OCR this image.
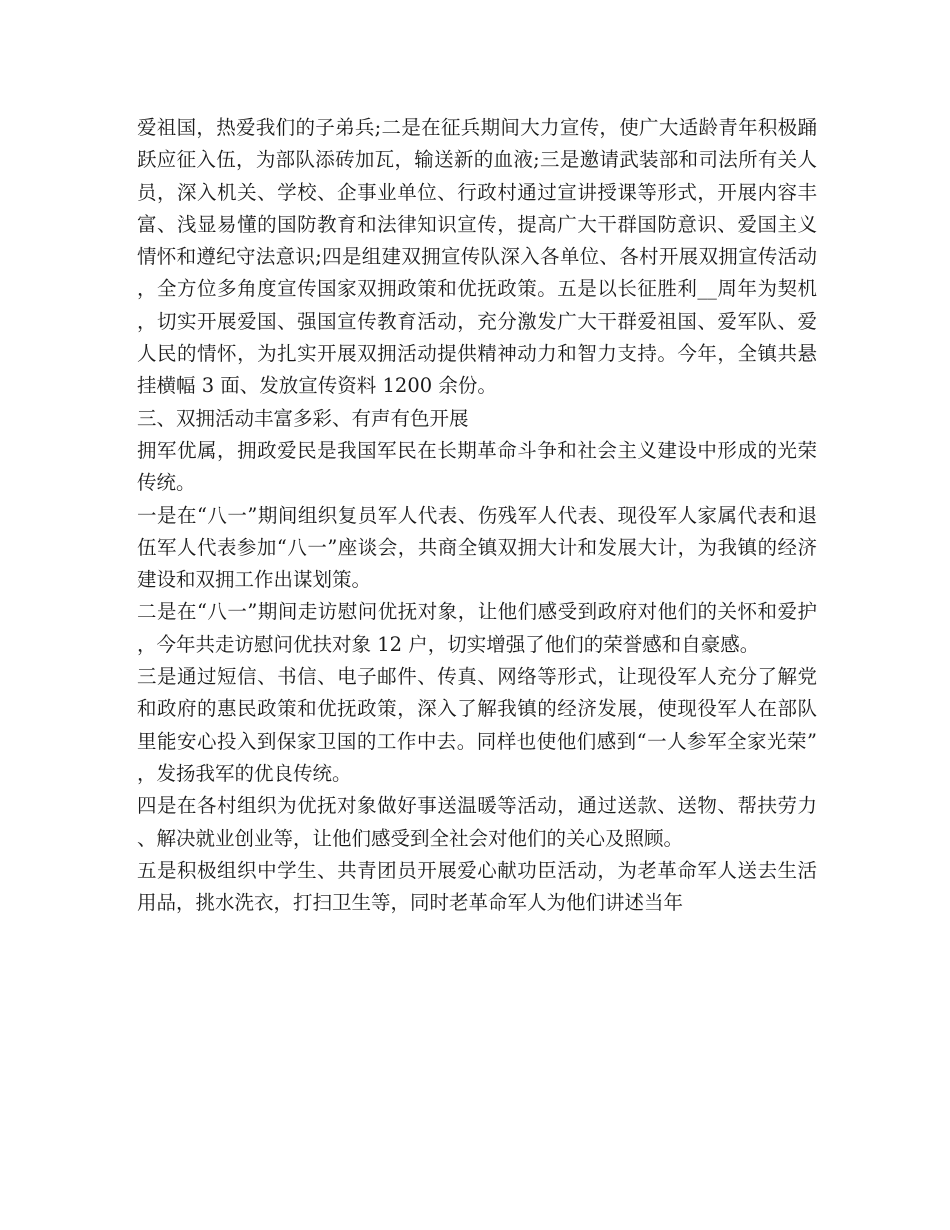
爱祖国，热爱我们的子弟兵;二是在征兵期间大力宣传，使广大适龄青年积极踊跃应征入伍，为部队添砖加瓦，输送新的血液;三是邀请武装部和司法所有关人员，深入机关、学校、企事业单位、行政村通过宣讲授课等形式，开展内容丰富、浅显易懂的国防教育和法律知识宣传，提高广大干群国防意识、爱国主义情怀和遵纪守法意识;四是组建双拥宣传队深入各单位、各村开展双拥宣传活动，全方位多角度宣传国家双拥政策和优抚政策。五是以长征胜利__周年为契机，切实开展爱国、强国宣传教育活动，充分激发广大干群爱祖国、爱军队、爱人民的情怀，为扎实开展双拥活动提供精神动力和智力支持。今年，全镇共悬挂横幅 3 面、发放宣传资料 1200 余份。

三、双拥活动丰富多彩、有声有色开展

拥军优属，拥政爱民是我国军民在长期革命斗争和社会主义建设中形成的光荣传统。

一是在“八一”期间组织复员军人代表、伤残军人代表、现役军人家属代表和退伍军人代表参加“八一”座谈会，共商全镇双拥大计和发展大计，为我镇的经济建设和双拥工作出谋划策。

二是在“八一”期间走访慰问优抚对象，让他们感受到政府对他们的关怀和爱护，今年共走访慰问优扶对象 12 户，切实增强了他们的荣誉感和自豪感。

三是通过短信、书信、电子邮件、传真、网络等形式，让现役军人充分了解党和政府的惠民政策和优抚政策，深入了解我镇的经济发展，使现役军人在部队里能安心投入到保家卫国的工作中去。同样也使他们感到“一人参军全家光荣”，发扬我军的优良传统。

四是在各村组织为优抚对象做好事送温暖等活动，通过送款、送物、帮扶劳力、解决就业创业等，让他们感受到全社会对他们的关心及照顾。

五是积极组织中学生、共青团员开展爱心献功臣活动，为老革命军人送去生活用品，挑水洗衣，打扫卫生等，同时老革命军人为他们讲述当年
